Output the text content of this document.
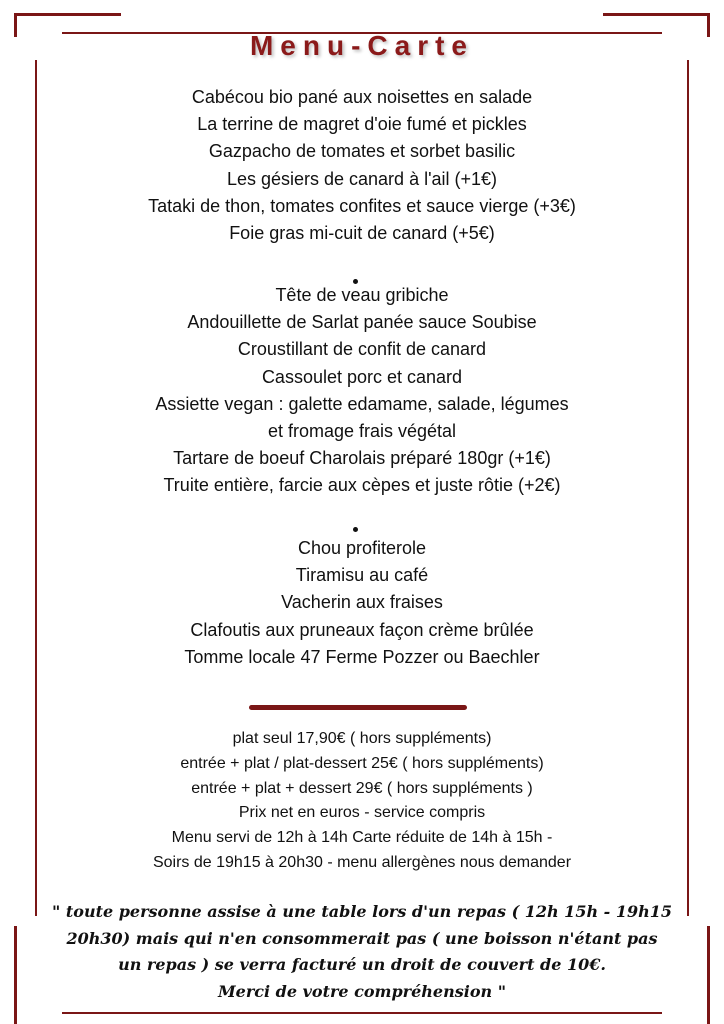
Menu-Carte
Cabécou bio pané aux noisettes en salade
La terrine de magret d'oie fumé et pickles
Gazpacho de tomates et sorbet basilic
Les gésiers de canard à l'ail (+1€)
Tataki de thon, tomates confites et sauce vierge (+3€)
Foie gras mi-cuit de canard (+5€)
Tête de veau gribiche
Andouillette de Sarlat panée sauce Soubise
Croustillant de confit de canard
Cassoulet porc et canard
Assiette vegan : galette edamame, salade, légumes
et fromage frais végétal
Tartare de boeuf Charolais préparé 180gr (+1€)
Truite entière, farcie aux cèpes et juste rôtie (+2€)
Chou profiterole
Tiramisu au café
Vacherin aux fraises
Clafoutis aux pruneaux façon crème brûlée
Tomme locale 47 Ferme Pozzer ou Baechler
plat seul 17,90€ ( hors suppléments)
entrée + plat / plat-dessert 25€ ( hors suppléments)
entrée + plat + dessert 29€ ( hors suppléments )
Prix net en euros - service compris
Menu servi de 12h à 14h Carte réduite de 14h à 15h -
Soirs de 19h15 à 20h30 - menu allergènes nous demander
" toute personne assise à une table lors d'un repas ( 12h 15h - 19h15
20h30) mais qui n'en consommerait pas ( une boisson n'étant pas
un repas ) se verra facturé un droit de couvert de 10€.
Merci de votre compréhension "
